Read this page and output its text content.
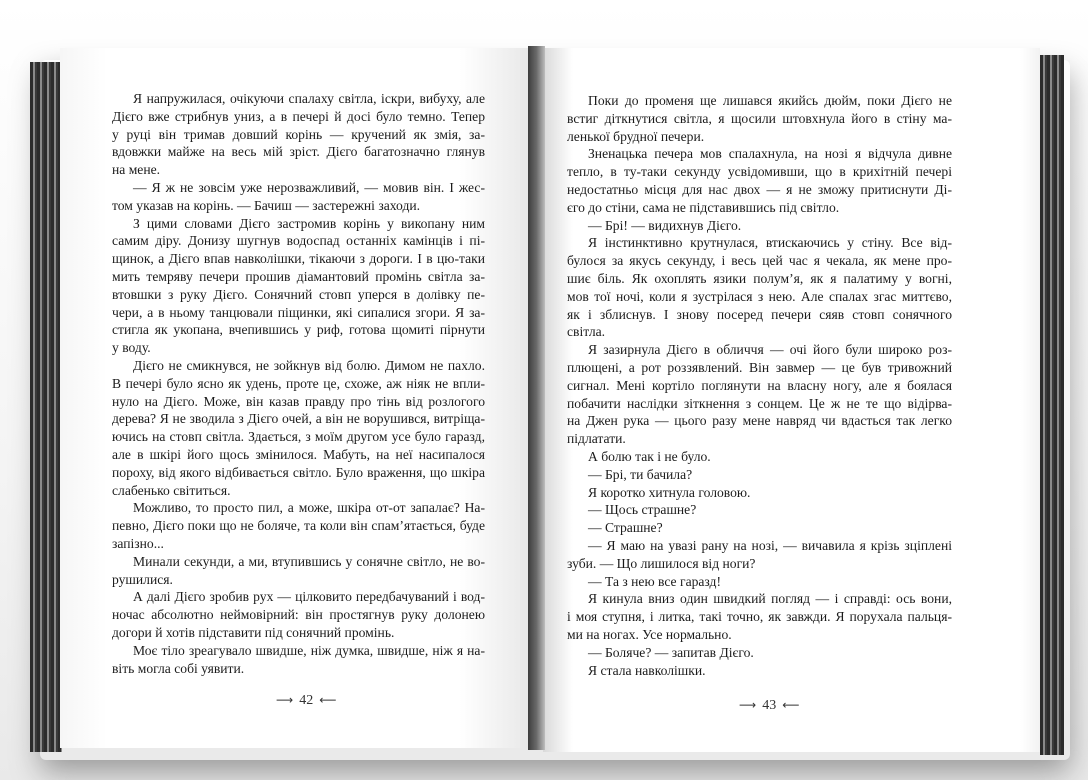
Я напружилася, очікуючи спалаху світла, іскри, вибуху, але
Дієго вже стрибнув униз, а в печері й досі було темно. Тепер
у руці він тримав довший корінь — кручений як змія, за-
вдовжки майже на весь мій зріст. Дієго багатозначно глянув
на мене.
— Я ж не зовсім уже нерозважливий, — мовив він. І жес-
том указав на корінь. — Бачиш — застережні заходи.
З цими словами Дієго застромив корінь у викопану ним
самим діру. Донизу шугнув водоспад останніх камінців і пі-
щинок, а Дієго впав навколішки, тікаючи з дороги. І в цю-таки
мить темряву печери прошив діамантовий промінь світла за-
втовшки з руку Дієго. Сонячний стовп уперся в долівку пе-
чери, а в ньому танцювали піщинки, які сипалися згори. Я за-
стигла як укопана, вчепившись у риф, готова щомиті пірнути
у воду.
Дієго не смикнувся, не зойкнув від болю. Димом не пахло.
В печері було ясно як удень, проте це, схоже, аж ніяк не впли-
нуло на Дієго. Може, він казав правду про тінь від розлогого
дерева? Я не зводила з Дієго очей, а він не ворушився, витріща-
ючись на стовп світла. Здається, з моїм другом усе було гаразд,
але в шкірі його щось змінилося. Мабуть, на неї насипалося
пороху, від якого відбивається світло. Було враження, що шкіра
слабенько світиться.
Можливо, то просто пил, а може, шкіра от-от запалає? На-
певно, Дієго поки що не боляче, та коли він спам’ятається, буде
запізно...
Минали секунди, а ми, втупившись у сонячне світло, не во-
рушилися.
А далі Дієго зробив рух — цілковито передбачуваний і вод-
ночас абсолютно неймовірний: він простягнув руку долонею
догори й хотів підставити під сонячний промінь.
Моє тіло зреагувало швидше, ніж думка, швидше, ніж я на-
віть могла собі уявити.
⟶ 42 ⟵
Поки до променя ще лишався якийсь дюйм, поки Дієго не
встиг діткнутися світла, я щосили штовхнула його в стіну ма-
ленької брудної печери.
Зненацька печера мов спалахнула, на нозі я відчула дивне
тепло, в ту-таки секунду усвідомивши, що в крихітній печері
недостатньо місця для нас двох — я не зможу притиснути Ді-
єго до стіни, сама не підставившись під світло.
— Брі! — видихнув Дієго.
Я інстинктивно крутнулася, втискаючись у стіну. Все від-
булося за якусь секунду, і весь цей час я чекала, як мене про-
шиє біль. Як охоплять язики полум’я, як я палатиму у вогні,
мов тої ночі, коли я зустрілася з нею. Але спалах згас миттєво,
як і зблиснув. І знову посеред печери сяяв стовп сонячного
світла.
Я зазирнула Дієго в обличчя — очі його були широко роз-
плющені, а рот роззявлений. Він завмер — це був тривожний
сигнал. Мені кортіло поглянути на власну ногу, але я боялася
побачити наслідки зіткнення з сонцем. Це ж не те що відірва-
на Джен рука — цього разу мене навряд чи вдасться так легко
підлатати.
А болю так і не було.
— Брі, ти бачила?
Я коротко хитнула головою.
— Щось страшне?
— Страшне?
— Я маю на увазі рану на нозі, — вичавила я крізь зціплені
зуби. — Що лишилося від ноги?
— Та з нею все гаразд!
Я кинула вниз один швидкий погляд — і справді: ось вони,
і моя ступня, і литка, такі точно, як завжди. Я порухала пальця-
ми на ногах. Усе нормально.
— Боляче? — запитав Дієго.
Я стала навколішки.
⟶ 43 ⟵
